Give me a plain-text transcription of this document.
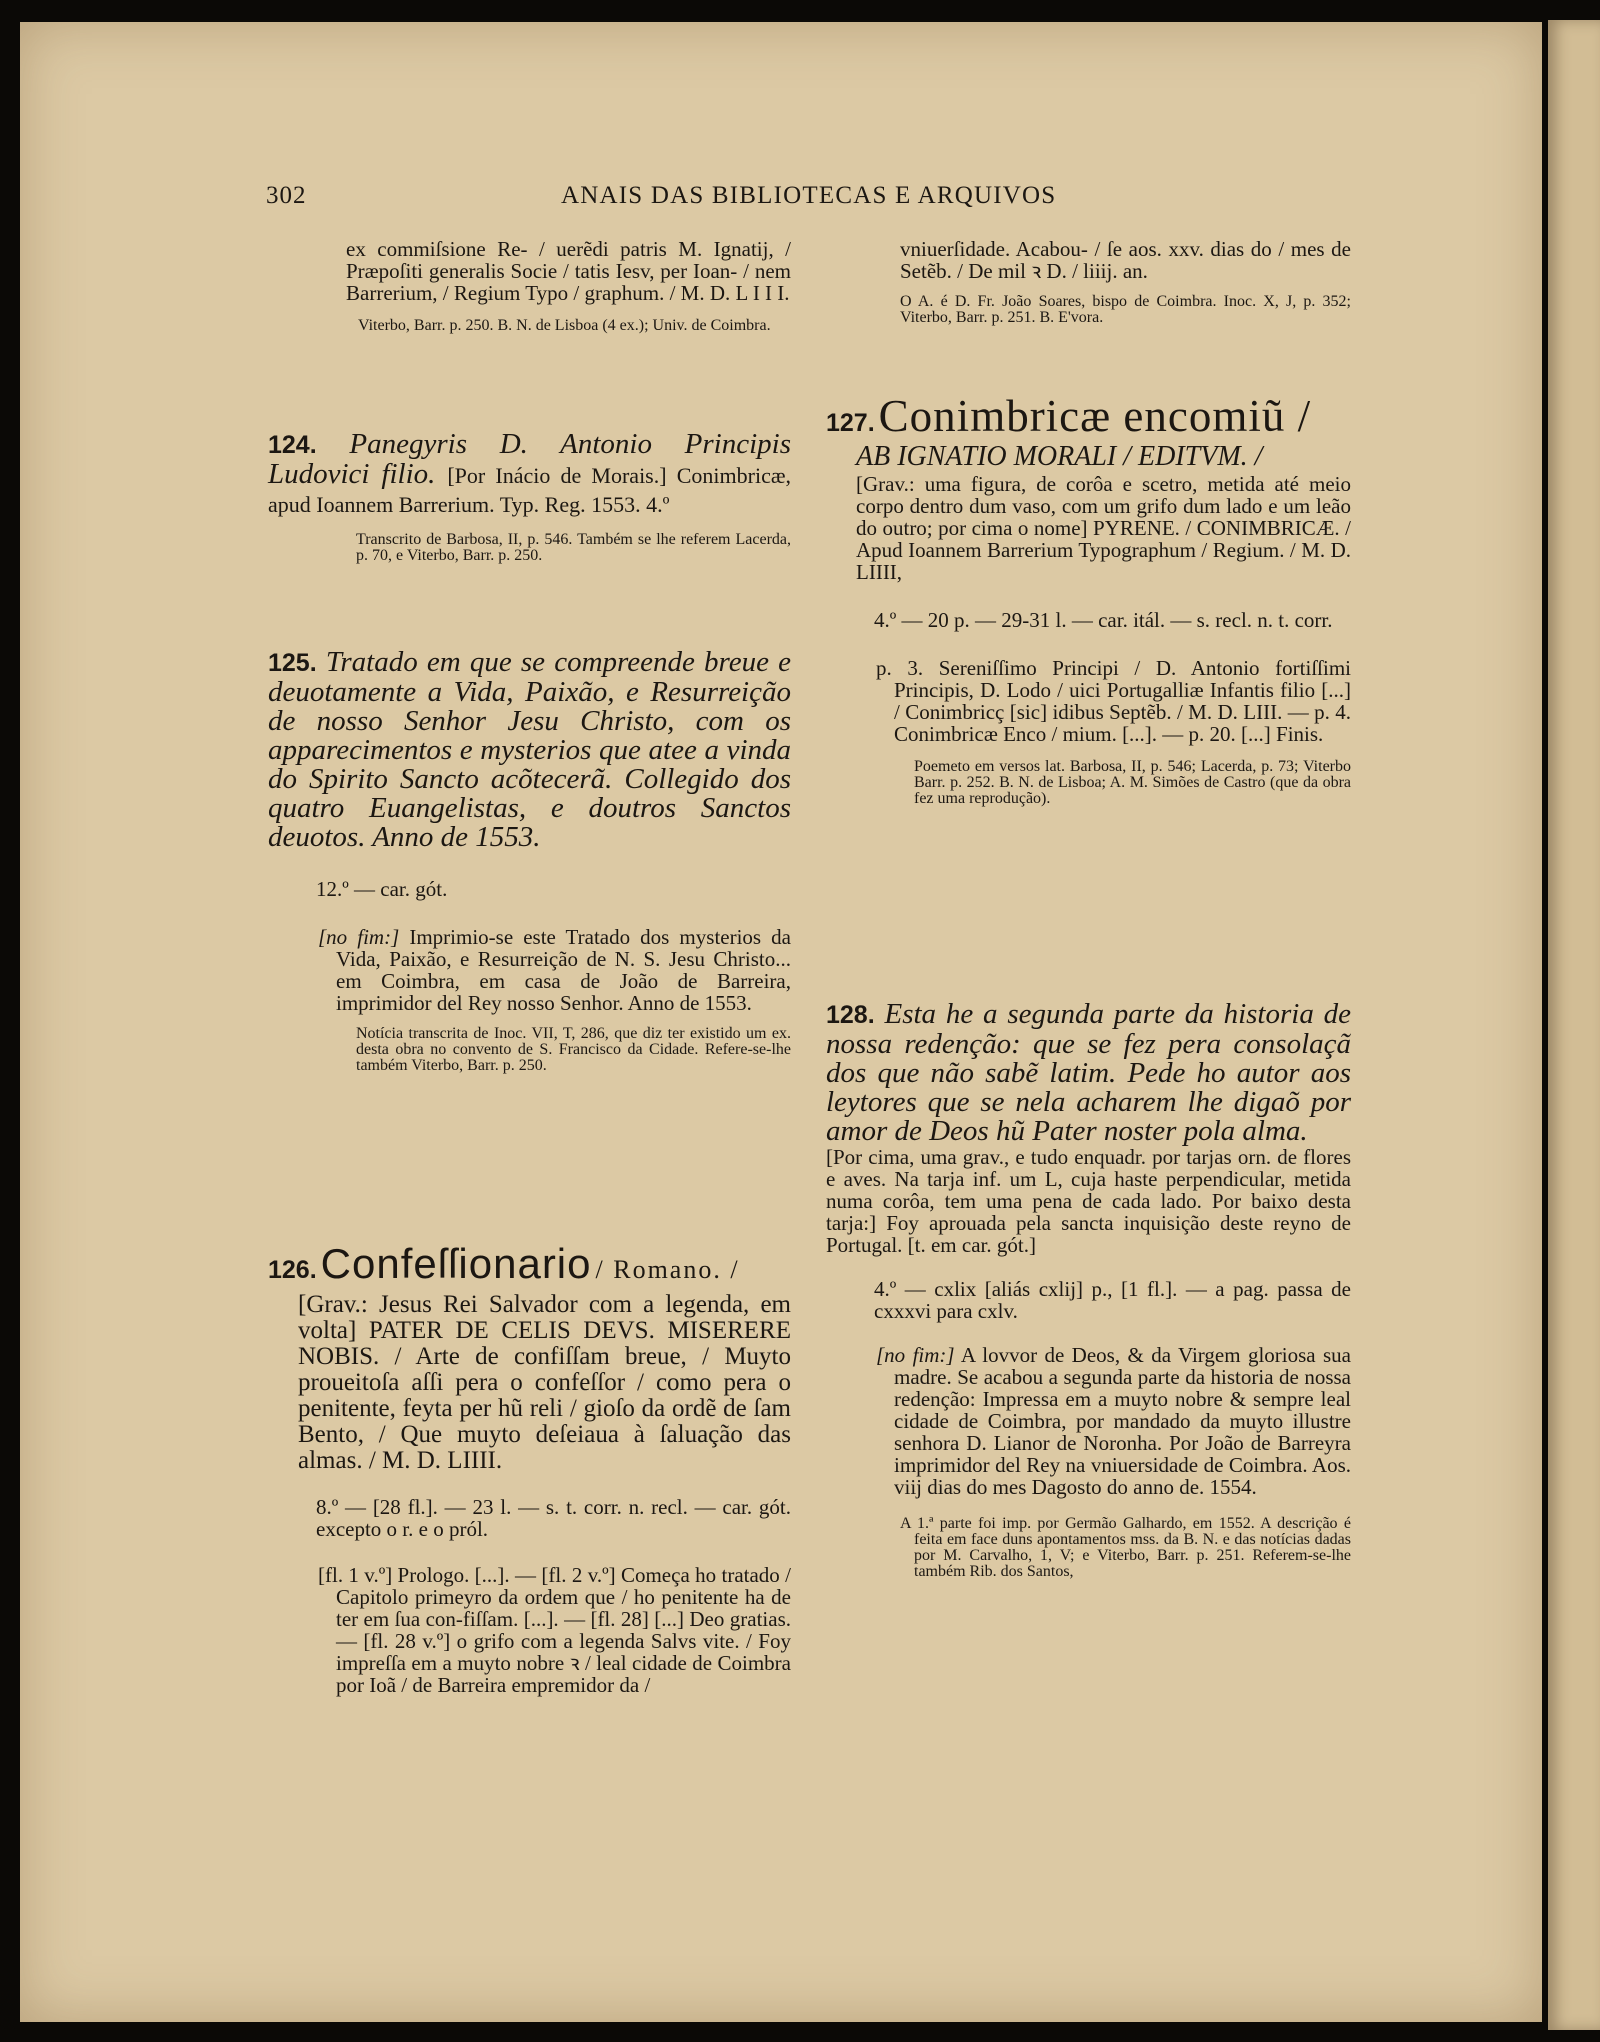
302	ANAIS DAS BIBLIOTECAS E ARQUIVOS
ex commiſsione Re- / uerẽdi patris M. Ignatij, / Præpoſiti generalis Socie / tatis Iesv, per Ioan- / nem Barrerium, / Regium Typo / graphum. / M. D. L I I I.
Viterbo, Barr. p. 250. B. N. de Lisboa (4 ex.); Univ. de Coimbra.
124. Panegyris D. Antonio Principis Ludovici filio. [Por Inácio de Morais.] Conimbricæ, apud Ioannem Barrerium. Typ. Reg. 1553. 4.º
Transcrito de Barbosa, II, p. 546. Também se lhe referem Lacerda, p. 70, e Viterbo, Barr. p. 250.
125. Tratado em que se compreende breue e deuotamente a Vida, Paixão, e Resurreição de nosso Senhor Jesu Christo, com os apparecimentos e mysterios que atee a vinda do Spirito Sancto acõtecerã. Collegido dos quatro Euangelistas, e doutros Sanctos deuotos. Anno de 1553.
12.º — car. gót.
[no fim:] Imprimio-se este Tratado dos mysterios da Vida, Paixão, e Resurreição de N. S. Jesu Christo... em Coimbra, em casa de João de Barreira, imprimidor del Rey nosso Senhor. Anno de 1553.
Notícia transcrita de Inoc. VII, T, 286, que diz ter existido um ex. desta obra no convento de S. Francisco da Cidade. Refere-se-lhe também Viterbo, Barr. p. 250.
126. Confeſſionario / Romano. /
[Grav.: Jesus Rei Salvador com a legenda, em volta] PATER DE CELIS DEVS. MISERERE NOBIS. / Arte de confiſſam breue, / Muyto proueitoſa aſſi pera o confeſſor / como pera o penitente, feyta per hũ reli / gioſo da ordẽ de ſam Bento, / Que muyto deſeiaua à ſaluação das almas. / M. D. LIIII.
8.º — [28 fl.]. — 23 l. — s. t. corr. n. recl. — car. gót. excepto o r. e o pról.
[fl. 1 v.º] Prologo. [...]. — [fl. 2 v.º] Começa ho tratado / Capitolo primeyro da ordem que / ho penitente ha de ter em ſua con-fiſſam. [...]. — [fl. 28] [...] Deo gratias. — [fl. 28 v.º] o grifo com a legenda Salvs vite. / Foy impreſſa em a muyto nobre ꝛ / leal cidade de Coimbra por Ioã / de Barreira empremidor da /
vniuerſidade. Acabou- / ſe aos. xxv. dias do / mes de Setẽb. / De mil ꝛ D. / liiij. an.
O A. é D. Fr. João Soares, bispo de Coimbra. Inoc. X, J, p. 352; Viterbo, Barr. p. 251. B. E'vora.
127. Conimbricæ encomiũ /
AB IGNATIO MORALI / EDITVM. /
[Grav.: uma figura, de corôa e scetro, metida até meio corpo dentro dum vaso, com um grifo dum lado e um leão do outro; por cima o nome] PYRENE. / CONIMBRICÆ. / Apud Ioannem Barrerium Typographum / Regium. / M. D. LIIII,
4.º — 20 p. — 29-31 l. — car. itál. — s. recl. n. t. corr.
p. 3. Sereniſſimo Principi / D. Antonio fortiſſimi Principis, D. Lodo / uici Portugalliæ Infantis filio [...] / Conimbricç [sic] idibus Septẽb. / M. D. LIII. — p. 4. Conimbricæ Enco / mium. [...]. — p. 20. [...] Finis.
Poemeto em versos lat. Barbosa, II, p. 546; Lacerda, p. 73; Viterbo Barr. p. 252. B. N. de Lisboa; A. M. Simões de Castro (que da obra fez uma reprodução).
128. Esta he a segunda parte da historia de nossa redenção: que se fez pera consolaçã dos que não sabẽ latim. Pede ho autor aos leytores que se nela acharem lhe digaõ por amor de Deos hũ Pater noster pola alma.
[Por cima, uma grav., e tudo enquadr. por tarjas orn. de flores e aves. Na tarja inf. um L, cuja haste perpendicular, metida numa corôa, tem uma pena de cada lado. Por baixo desta tarja:] Foy aprouada pela sancta inquisição deste reyno de Portugal. [t. em car. gót.]
4.º — cxlix [aliás cxlij] p., [1 fl.]. — a pag. passa de cxxxvi para cxlv.
[no fim:] A lovvor de Deos, & da Virgem gloriosa sua madre. Se acabou a segunda parte da historia de nossa redenção: Impressa em a muyto nobre & sempre leal cidade de Coimbra, por mandado da muyto illustre senhora D. Lianor de Noronha. Por João de Barreyra imprimidor del Rey na vniuersidade de Coimbra. Aos. viij dias do mes Dagosto do anno de. 1554.
A 1.ª parte foi imp. por Germão Galhardo, em 1552. A descrição é feita em face duns apontamentos mss. da B. N. e das notícias dadas por M. Carvalho, 1, V; e Viterbo, Barr. p. 251. Referem-se-lhe também Rib. dos Santos,
